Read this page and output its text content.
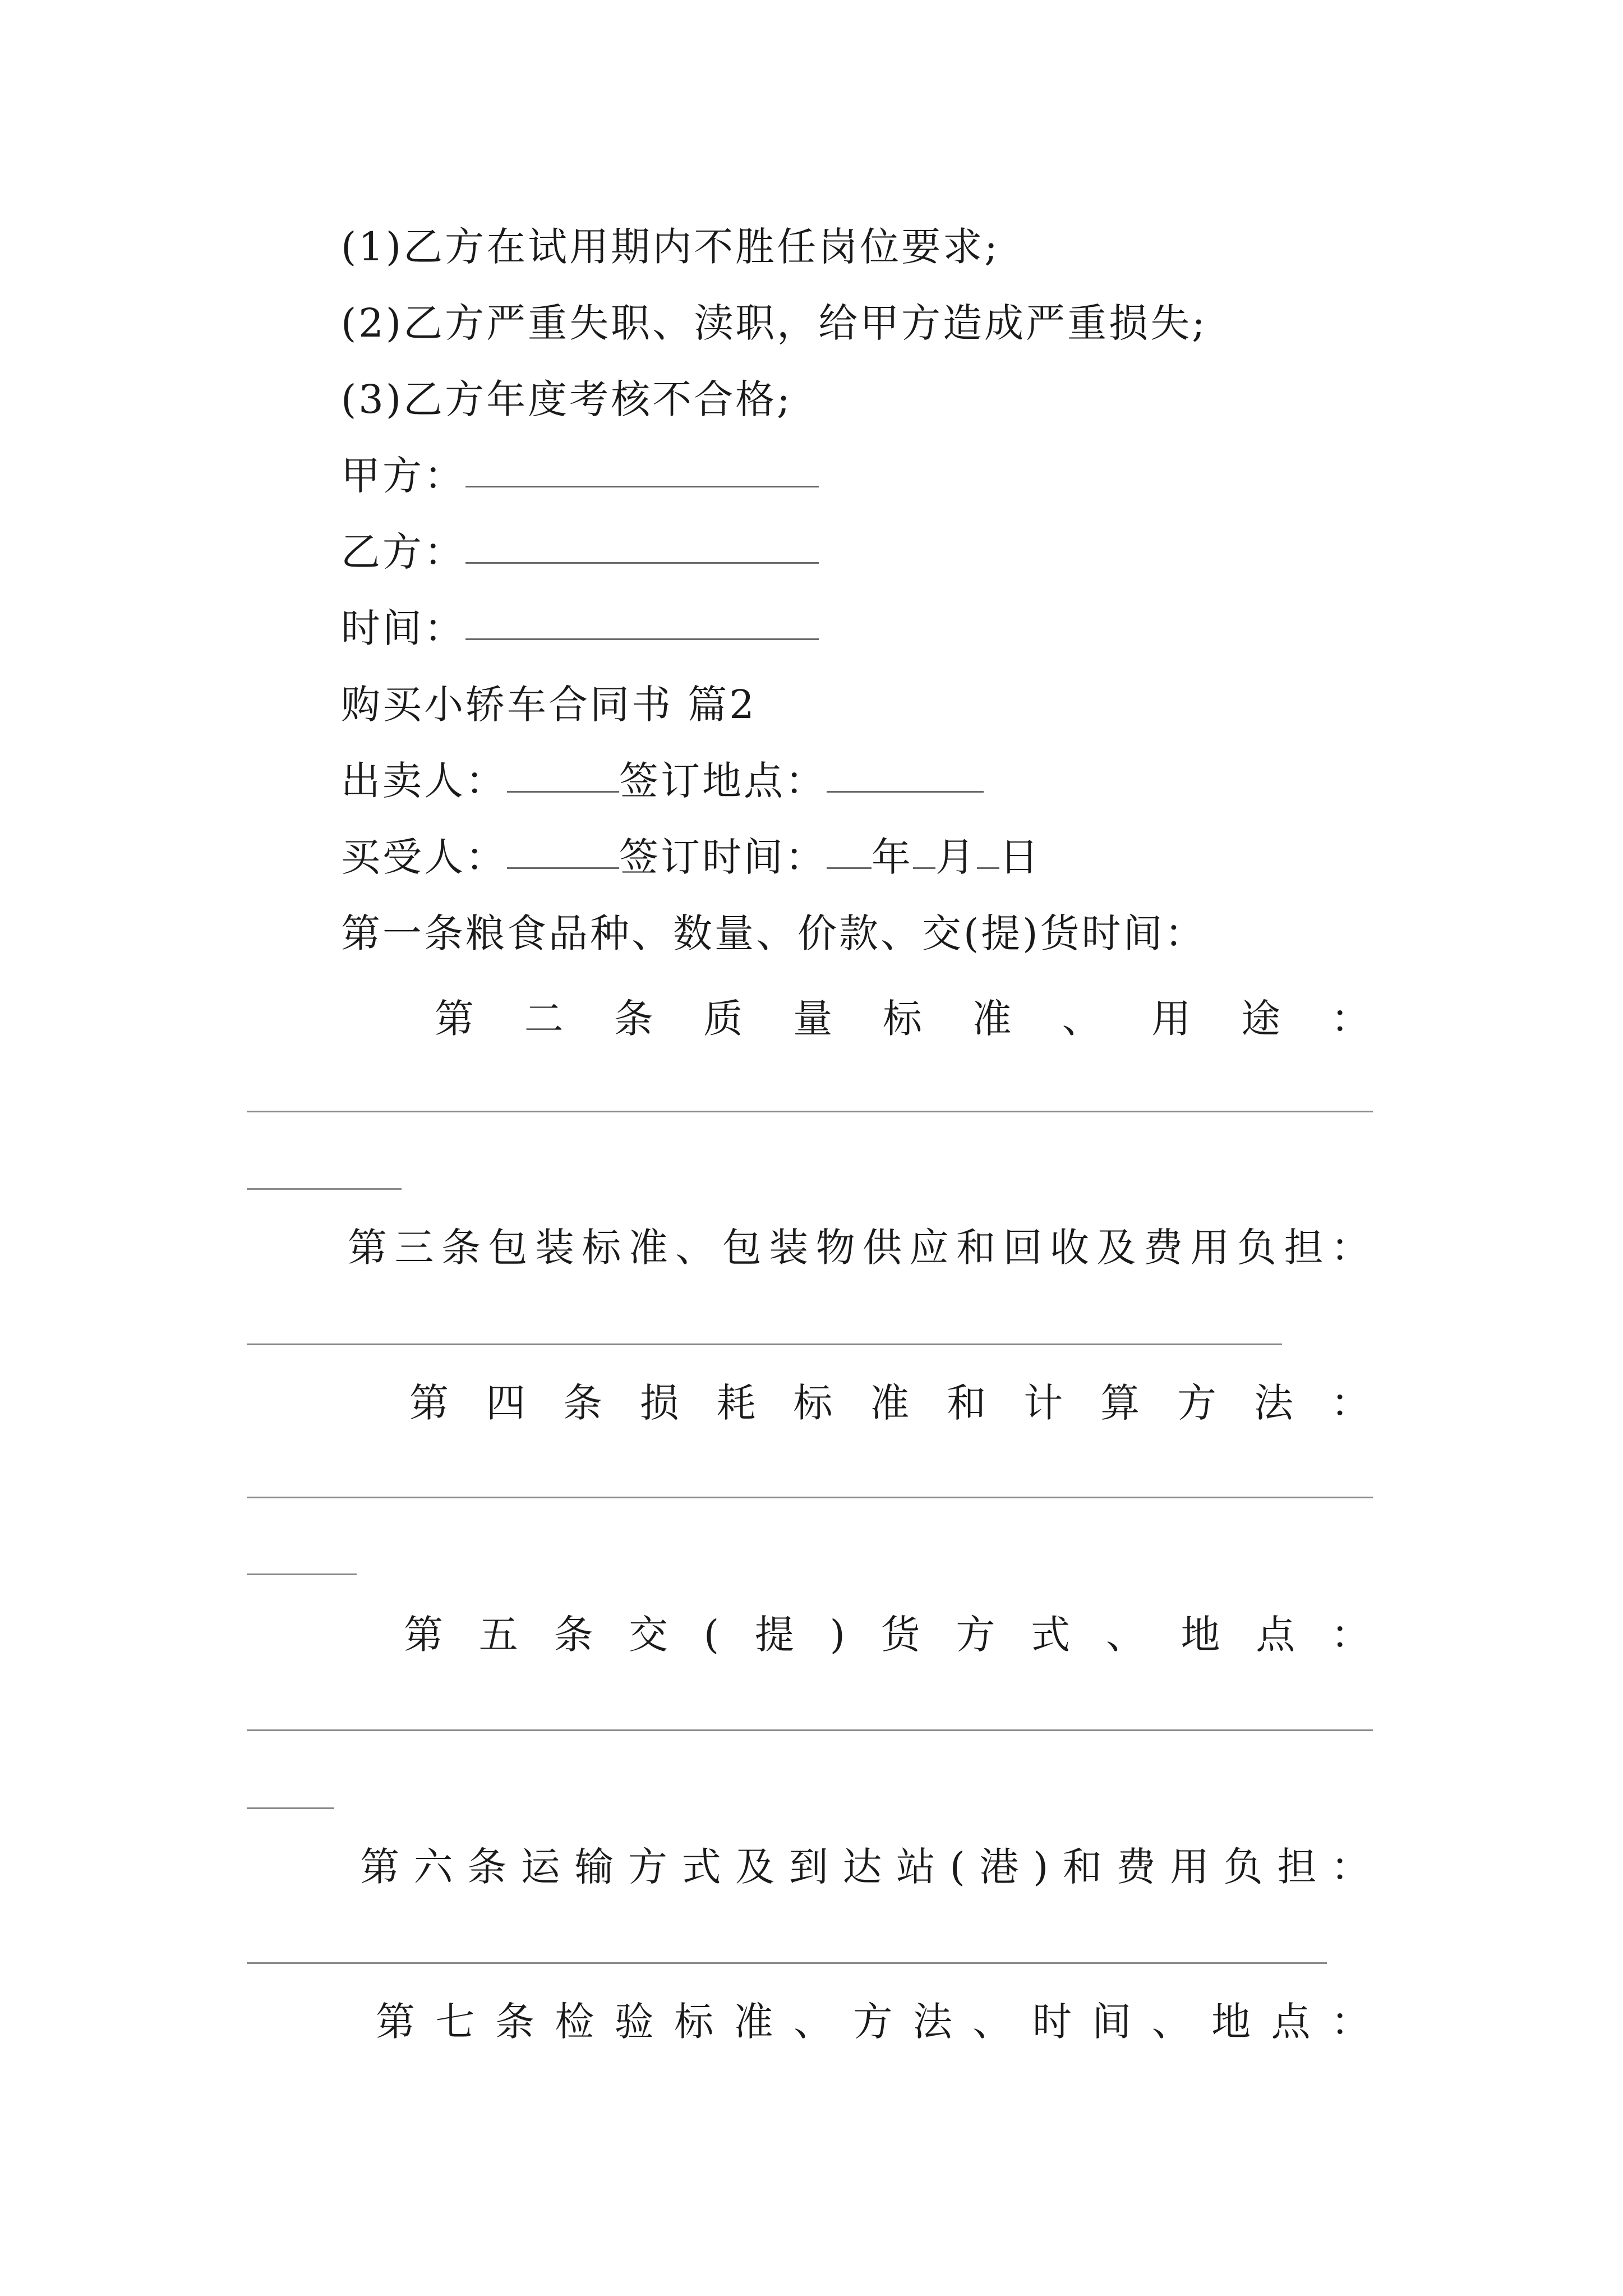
(1)乙方在试用期内不胜任岗位要求;
(2)乙方严重失职、渎职，给甲方造成严重损失;
(3)乙方年度考核不合格;
甲方：
乙方：
时间：
购买小轿车合同书 篇2
出卖人：	签订地点：
买受人：	签订时间： 年 月 日
第一条粮食品种、数量、价款、交(提)货时间：
第 二 条 质 量 标 准 、 用 途 ：
第 三 条 包 装 标 准 、 包 装 物 供 应 和 回 收 及 费 用 负 担 ：
第 四 条 损 耗 标 准 和 计 算 方 法 ：
第 五 条 交 ( 提 ) 货 方 式 、 地 点 ：
第 六 条 运 输 方 式 及 到 达 站 ( 港 ) 和 费 用 负 担 ：
第 七 条 检 验 标 准 、 方 法 、 时 间 、 地 点 ：
